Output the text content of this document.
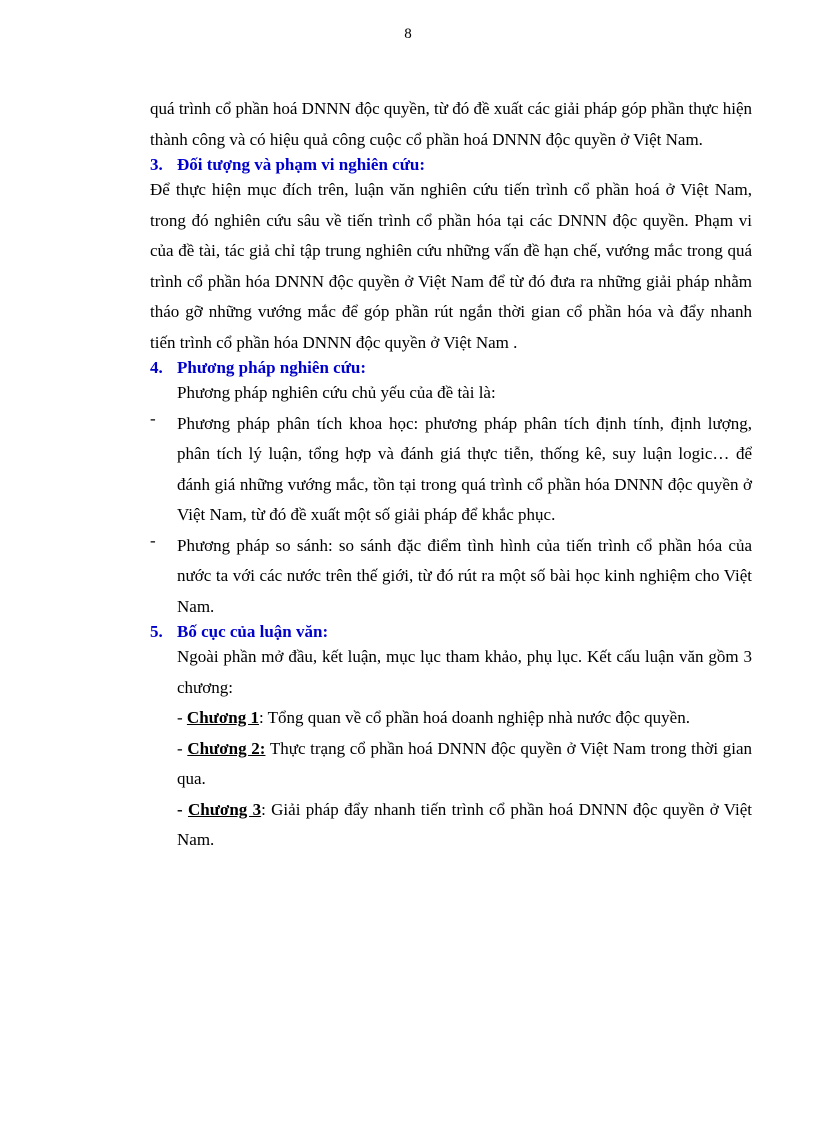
8

quá trình cổ phần hoá DNNN độc quyền, từ đó đề xuất các giải pháp góp phần thực hiện thành công và có hiệu quả công cuộc cổ phần hoá DNNN độc quyền ở Việt Nam.

3. Đối tượng và phạm vi nghiên cứu:

Để thực hiện mục đích trên, luận văn nghiên cứu tiến trình cổ phần hoá ở Việt Nam, trong đó nghiên cứu sâu về tiến trình cổ phần hóa tại các DNNN độc quyền. Phạm vi của đề tài, tác giả chỉ tập trung nghiên cứu những vấn đề hạn chế, vướng mắc trong quá trình cổ phần hóa DNNN độc quyền ở Việt Nam để từ đó đưa ra những giải pháp nhằm tháo gỡ những vướng mắc để góp phần rút ngắn thời gian cổ phần hóa và đẩy nhanh tiến trình cổ phần hóa DNNN độc quyền ở Việt Nam .

4. Phương pháp nghiên cứu:

Phương pháp nghiên cứu chủ yếu của đề tài là:

-	Phương pháp phân tích khoa học: phương pháp phân tích định tính, định lượng, phân tích lý luận, tổng hợp và đánh giá thực tiễn, thống kê, suy luận logic… để đánh giá những vướng mắc, tồn tại trong quá trình cổ phần hóa DNNN độc quyền ở Việt Nam, từ đó đề xuất một số giải pháp để khắc phục.

-	Phương pháp so sánh: so sánh đặc điểm tình hình của tiến trình cổ phần hóa của nước ta với các nước trên thế giới, từ đó rút ra một số bài học kinh nghiệm cho Việt Nam.

5. Bố cục của luận văn:

Ngoài phần mở đầu, kết luận, mục lục tham khảo, phụ lục. Kết cấu luận văn gồm 3 chương:

- Chương 1: Tổng quan về cổ phần hoá doanh nghiệp nhà nước độc quyền.

- Chương 2: Thực trạng cổ phần hoá DNNN độc quyền ở Việt Nam trong thời gian qua.

- Chương 3: Giải pháp đẩy nhanh tiến trình cổ phần hoá DNNN độc quyền ở Việt Nam.
